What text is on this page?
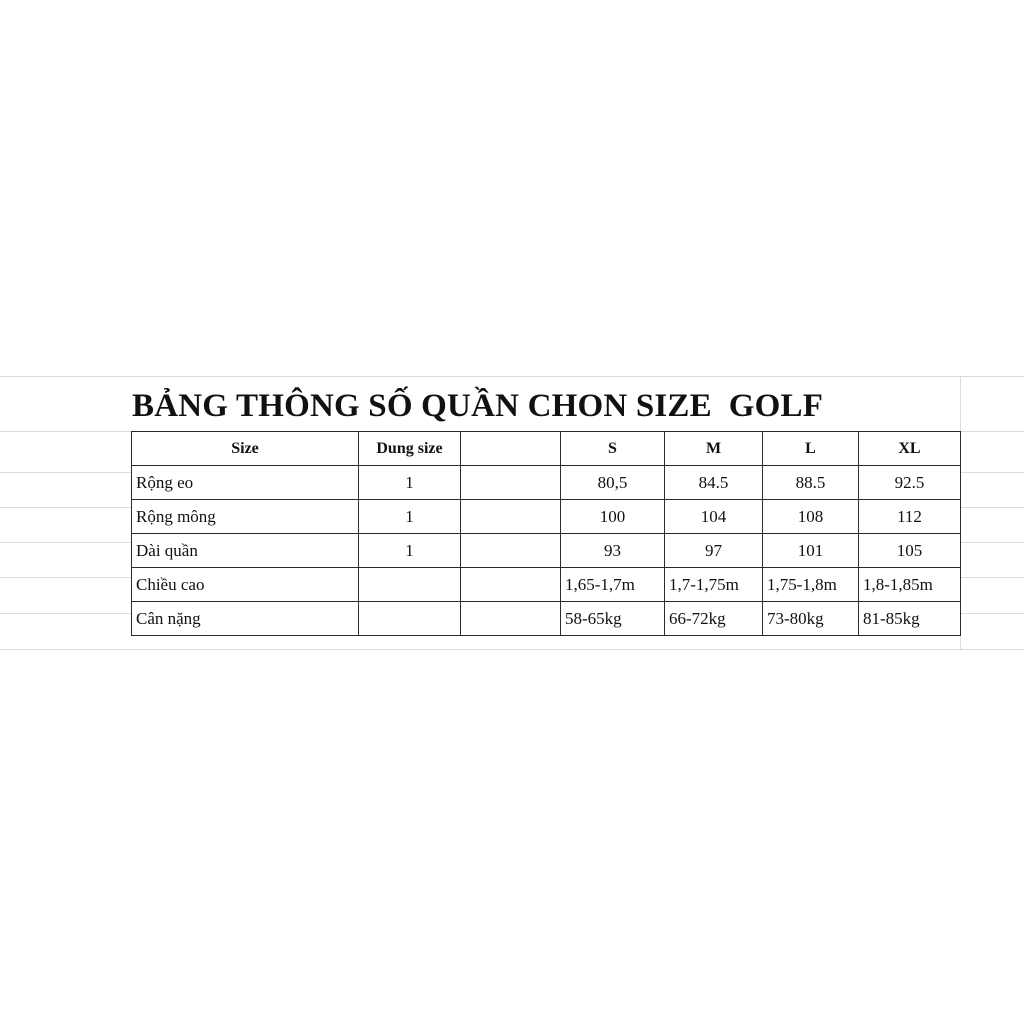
BẢNG THÔNG SỐ QUẦN CHON SIZE  GOLF
Size	Dung size		S	M	L	XL
Rộng eo	1		80,5	84.5	88.5	92.5
Rộng mông	1		100	104	108	112
Dài quần	1		93	97	101	105
Chiều cao			1,65-1,7m	1,7-1,75m	1,75-1,8m	1,8-1,85m
Cân nặng			58-65kg	66-72kg	73-80kg	81-85kg
